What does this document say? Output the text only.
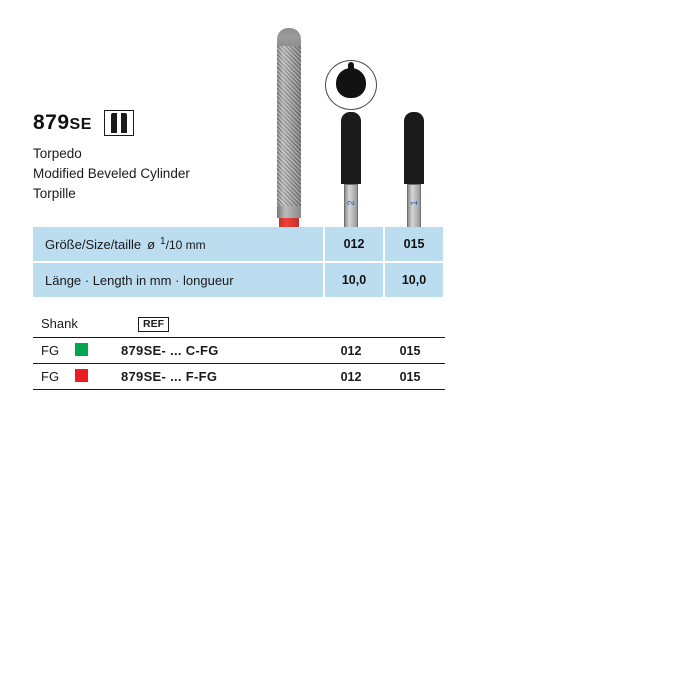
879SE
Torpedo
Modified Beveled Cylinder
Torpille
2	1
Größe/Size/taille ø $^1$/10 mm	012	015
Länge · Length in mm · longueur	10,0	10,0
Shank	REF
FG	879SE- ... C-FG	012	015
FG	879SE- ... F-FG	012	015
